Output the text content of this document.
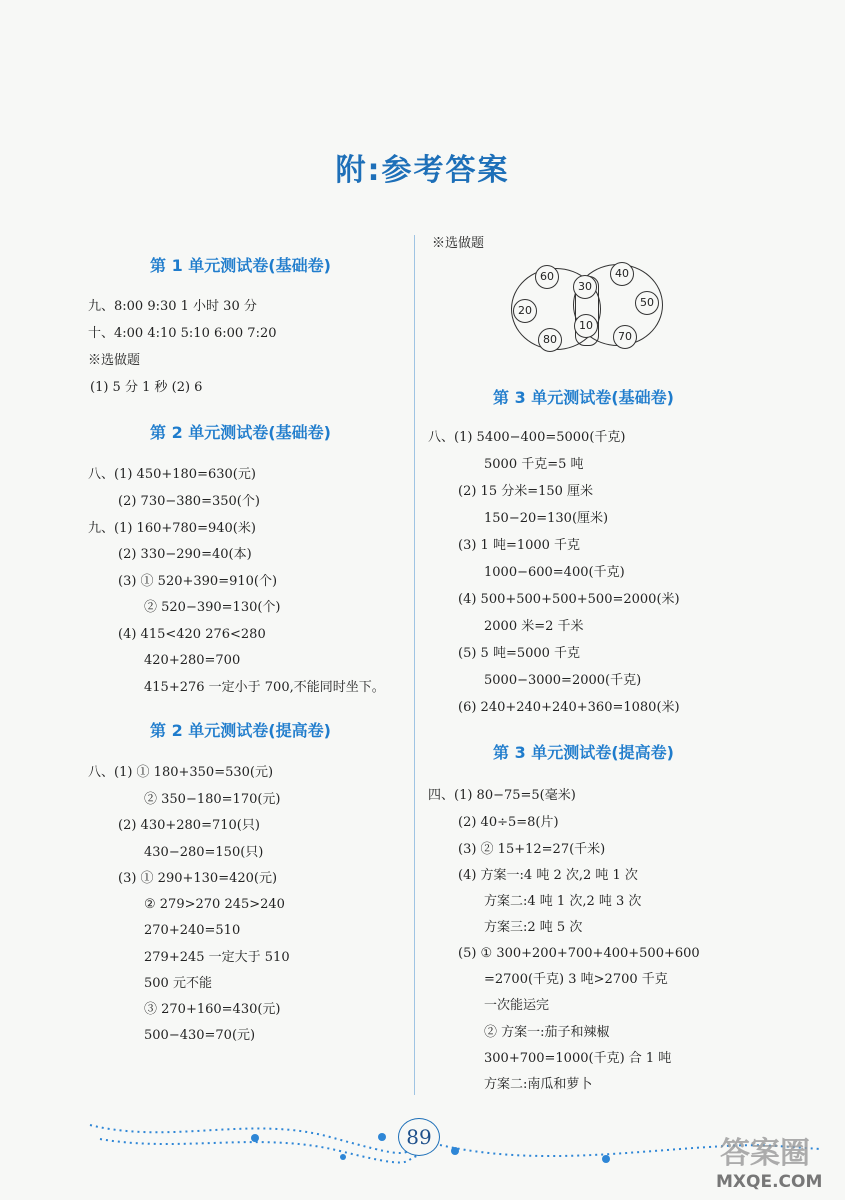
附:参考答案
第 1 单元测试卷(基础卷)
九、8:00 9:30 1 小时 30 分
十、4:00 4:10 5:10 6:00 7:20
※选做题
(1) 5 分 1 秒 (2) 6
第 2 单元测试卷(基础卷)
八、(1) 450+180=630(元)
(2) 730−380=350(个)
九、(1) 160+780=940(米)
(2) 330−290=40(本)
(3) ① 520+390=910(个)
② 520−390=130(个)
(4) 415<420 276<280
420+280=700
415+276 一定小于 700,不能同时坐下。
第 2 单元测试卷(提高卷)
八、(1) ① 180+350=530(元)
② 350−180=170(元)
(2) 430+280=710(只)
430−280=150(只)
(3) ① 290+130=420(元)
② 279>270 245>240
270+240=510
279+245 一定大于 510
500 元不能
③ 270+160=430(元)
500−430=70(元)
※选做题
第 3 单元测试卷(基础卷)
八、(1) 5400−400=5000(千克)
5000 千克=5 吨
(2) 15 分米=150 厘米
150−20=130(厘米)
(3) 1 吨=1000 千克
1000−600=400(千克)
(4) 500+500+500+500=2000(米)
2000 米=2 千米
(5) 5 吨=5000 千克
5000−3000=2000(千克)
(6) 240+240+240+360=1080(米)
第 3 单元测试卷(提高卷)
四、(1) 80−75=5(毫米)
(2) 40÷5=8(片)
(3) ② 15+12=27(千米)
(4) 方案一:4 吨 2 次,2 吨 1 次
方案二:4 吨 1 次,2 吨 3 次
方案三:2 吨 5 次
(5) ① 300+200+700+400+500+600
=2700(千克) 3 吨>2700 千克
一次能运完
② 方案一:茄子和辣椒
300+700=1000(千克) 合 1 吨
方案二:南瓜和萝卜
60
30
40
50
20
10
80	70
89	答案圈
MXQE.COM
